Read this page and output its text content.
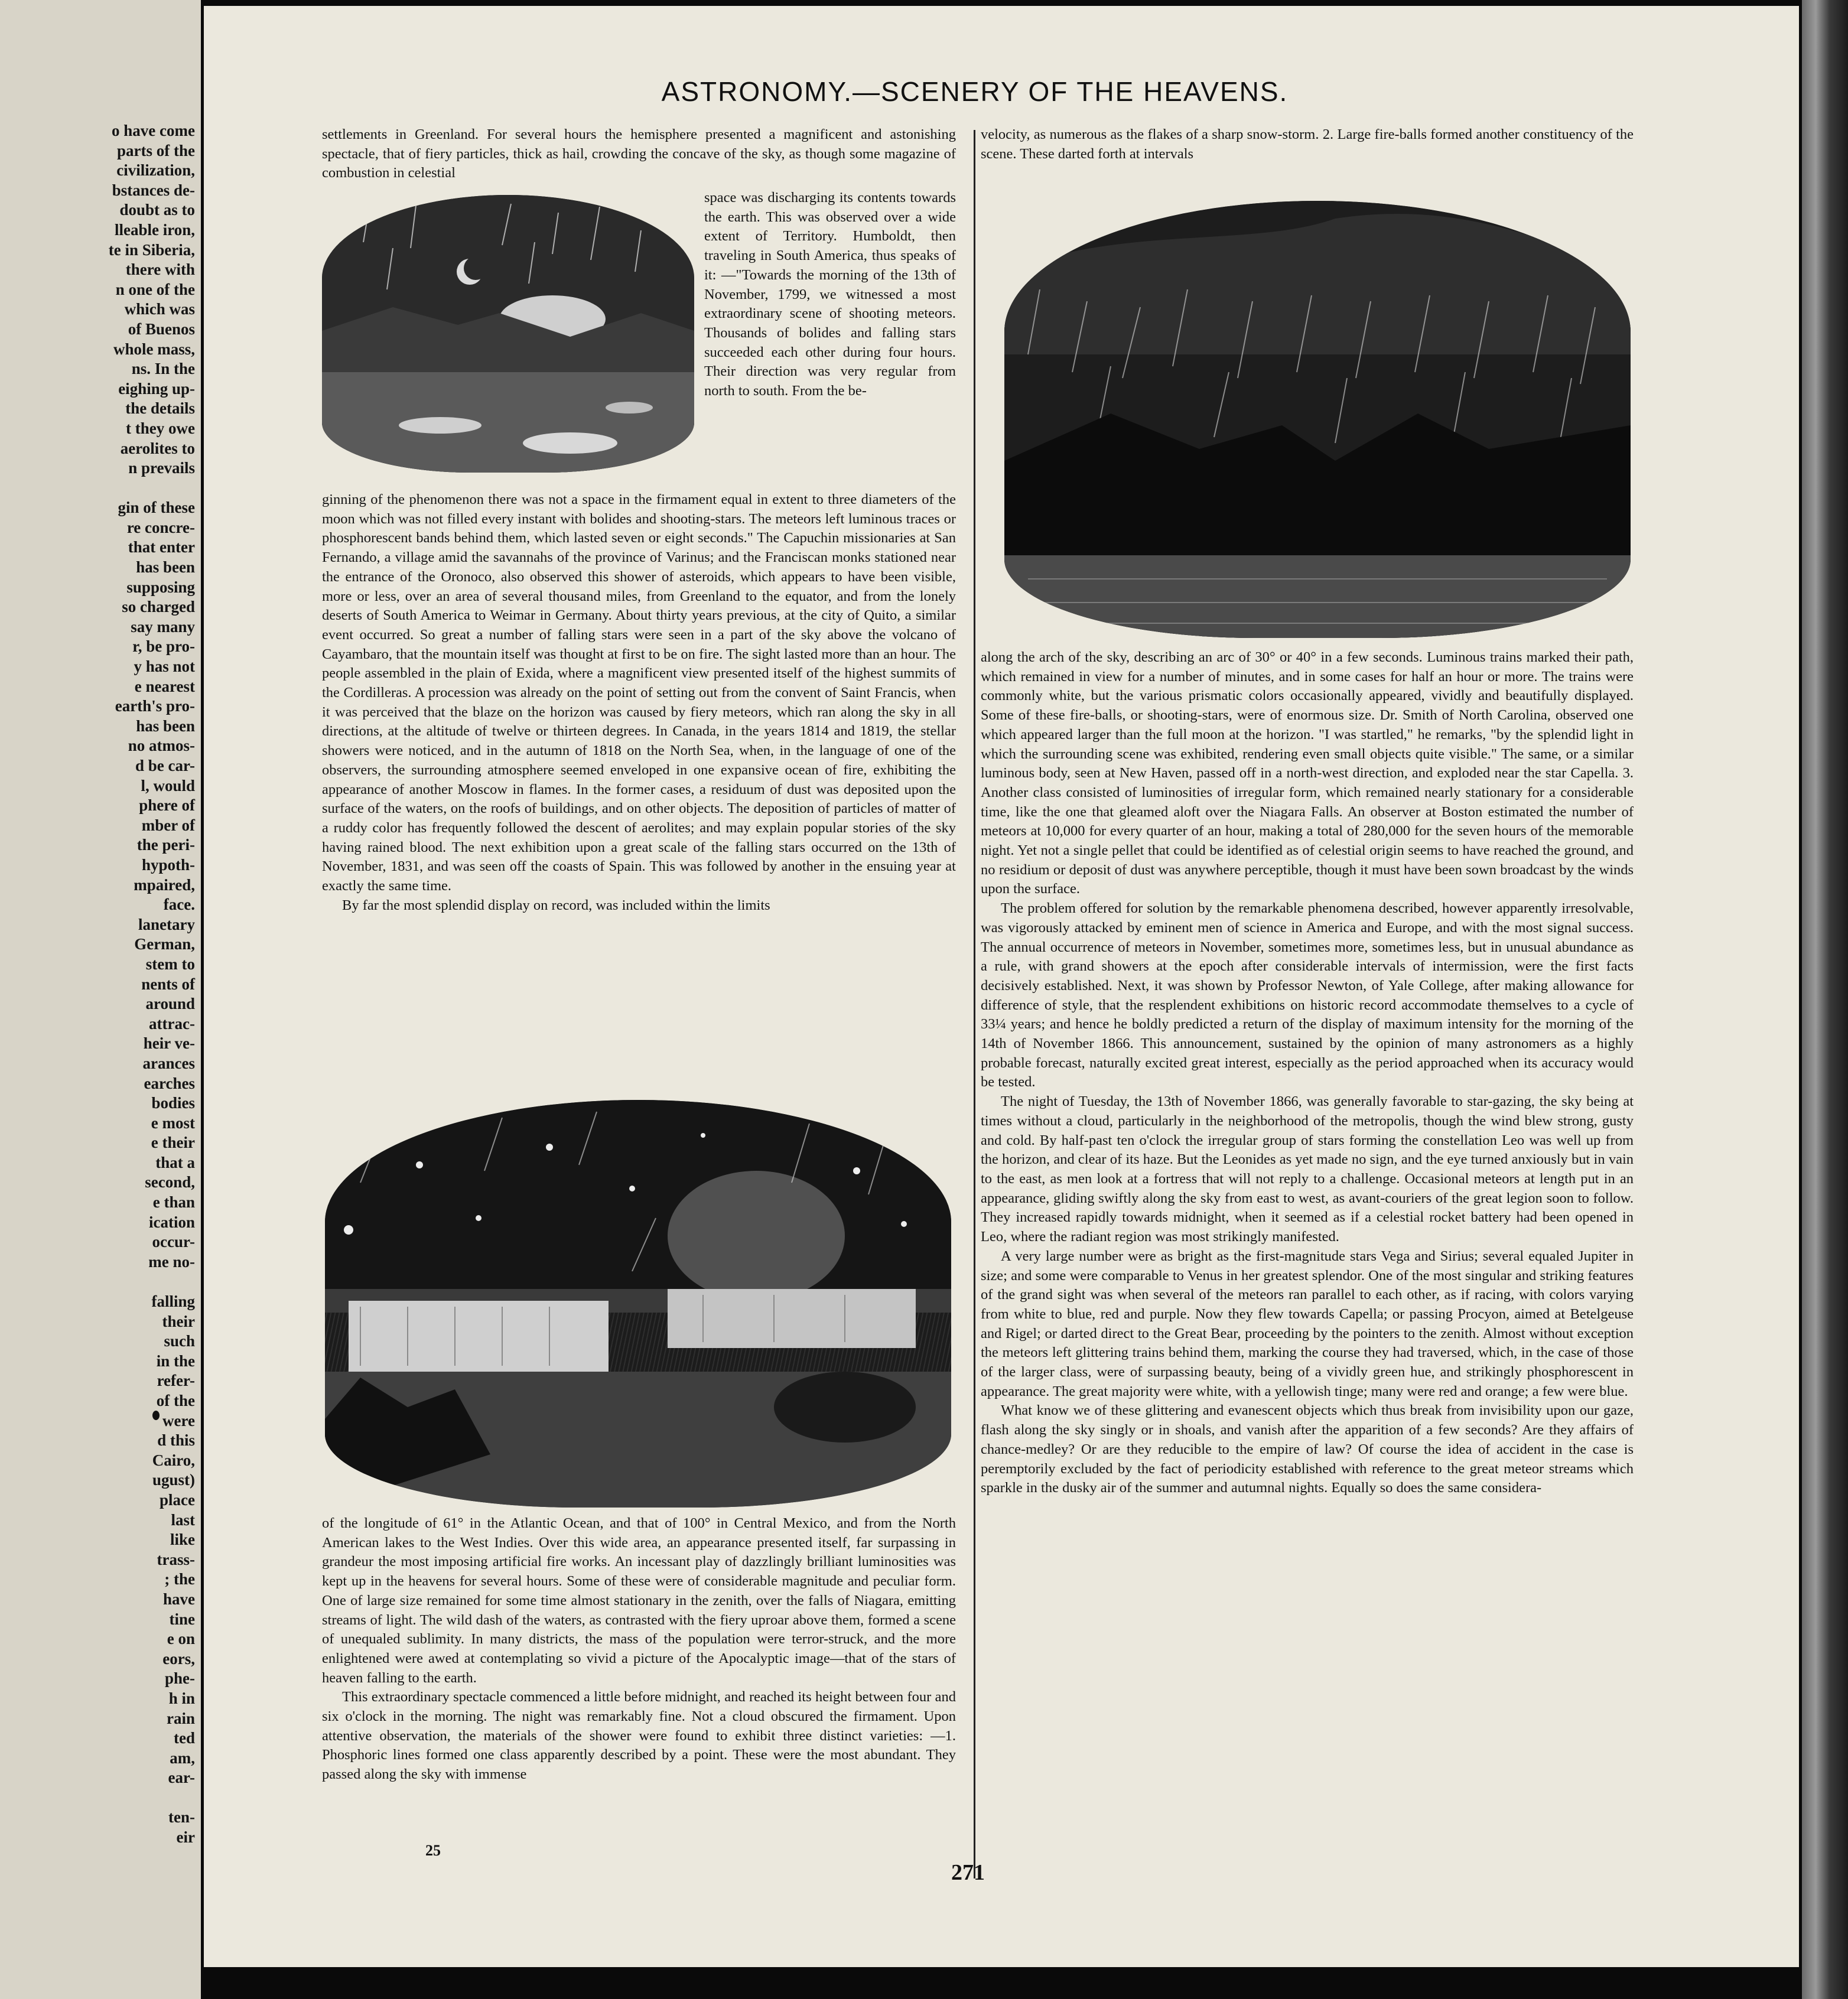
o have come
parts of the
civilization,
bstances de-
doubt as to
lleable iron,
te in Siberia,
there with
n one of the
which was
of Buenos
whole mass,
ns. In the
eighing up-
the details
t they owe
aerolites to
n prevails

gin of these
re concre-
that enter
has been
supposing
so charged
say many
r, be pro-
y has not
e nearest
earth's pro-
has been
no atmos-
d be car-
l, would
phere of
mber of
the peri-
hypoth-
mpaired,
face.
lanetary
German,
stem to
nents of
around
attrac-
heir ve-
arances
earches
bodies
e most
e their
that a
second,
e than
ication
occur-
me no-

falling
their
such
in the
refer-
of the
were
d this
Cairo,
ugust)
place
last
like
trass-
; the
have
tine
e on
eors,
phe-
h in
rain
ted
am,
ear-

ten-
eir
ASTRONOMY.—SCENERY OF THE HEAVENS.

settlements in Greenland. For several hours the hemisphere presented a magnificent and astonishing spectacle, that of fiery particles, thick as hail, crowding the concave of the sky, as though some magazine of combustion in celestial

space was discharging its contents towards the earth. This was observed over a wide extent of Territory. Humboldt, then traveling in South America, thus speaks of it: —"Towards the morning of the 13th of November, 1799, we witnessed a most extraordinary scene of shooting meteors. Thousands of bolides and falling stars succeeded each other during four hours. Their direction was very regular from north to south. From the be-

ginning of the phenomenon there was not a space in the firmament equal in extent to three diameters of the moon which was not filled every instant with bolides and shooting-stars. The meteors left luminous traces or phosphorescent bands behind them, which lasted seven or eight seconds." The Capuchin missionaries at San Fernando, a village amid the savannahs of the province of Varinus; and the Franciscan monks stationed near the entrance of the Oronoco, also observed this shower of asteroids, which appears to have been visible, more or less, over an area of several thousand miles, from Greenland to the equator, and from the lonely deserts of South America to Weimar in Germany. About thirty years previous, at the city of Quito, a similar event occurred. So great a number of falling stars were seen in a part of the sky above the volcano of Cayambaro, that the mountain itself was thought at first to be on fire. The sight lasted more than an hour. The people assembled in the plain of Exida, where a magnificent view presented itself of the highest summits of the Cordilleras. A procession was already on the point of setting out from the convent of Saint Francis, when it was perceived that the blaze on the horizon was caused by fiery meteors, which ran along the sky in all directions, at the altitude of twelve or thirteen degrees. In Canada, in the years 1814 and 1819, the stellar showers were noticed, and in the autumn of 1818 on the North Sea, when, in the language of one of the observers, the surrounding atmosphere seemed enveloped in one expansive ocean of fire, exhibiting the appearance of another Moscow in flames. In the former cases, a residuum of dust was deposited upon the surface of the waters, on the roofs of buildings, and on other objects. The deposition of particles of matter of a ruddy color has frequently followed the descent of aerolites; and may explain popular stories of the sky having rained blood. The next exhibition upon a great scale of the falling stars occurred on the 13th of November, 1831, and was seen off the coasts of Spain. This was followed by another in the ensuing year at exactly the same time.

By far the most splendid display on record, was included within the limits

of the longitude of 61° in the Atlantic Ocean, and that of 100° in Central Mexico, and from the North American lakes to the West Indies. Over this wide area, an appearance presented itself, far surpassing in grandeur the most imposing artificial fire works. An incessant play of dazzlingly brilliant luminosities was kept up in the heavens for several hours. Some of these were of considerable magnitude and peculiar form. One of large size remained for some time almost stationary in the zenith, over the falls of Niagara, emitting streams of light. The wild dash of the waters, as contrasted with the fiery uproar above them, formed a scene of unequaled sublimity. In many districts, the mass of the population were terror-struck, and the more enlightened were awed at contemplating so vivid a picture of the Apocalyptic image—that of the stars of heaven falling to the earth.

This extraordinary spectacle commenced a little before midnight, and reached its height between four and six o'clock in the morning. The night was remarkably fine. Not a cloud obscured the firmament. Upon attentive observation, the materials of the shower were found to exhibit three distinct varieties: —1. Phosphoric lines formed one class apparently described by a point. These were the most abundant. They passed along the sky with immense

velocity, as numerous as the flakes of a sharp snow-storm. 2. Large fire-balls formed another constituency of the scene. These darted forth at intervals

along the arch of the sky, describing an arc of 30° or 40° in a few seconds. Luminous trains marked their path, which remained in view for a number of minutes, and in some cases for half an hour or more. The trains were commonly white, but the various prismatic colors occasionally appeared, vividly and beautifully displayed. Some of these fire-balls, or shooting-stars, were of enormous size. Dr. Smith of North Carolina, observed one which appeared larger than the full moon at the horizon. "I was startled," he remarks, "by the splendid light in which the surrounding scene was exhibited, rendering even small objects quite visible." The same, or a similar luminous body, seen at New Haven, passed off in a north-west direction, and exploded near the star Capella. 3. Another class consisted of luminosities of irregular form, which remained nearly stationary for a considerable time, like the one that gleamed aloft over the Niagara Falls. An observer at Boston estimated the number of meteors at 10,000 for every quarter of an hour, making a total of 280,000 for the seven hours of the memorable night. Yet not a single pellet that could be identified as of celestial origin seems to have reached the ground, and no residium or deposit of dust was anywhere perceptible, though it must have been sown broadcast by the winds upon the surface.

The problem offered for solution by the remarkable phenomena described, however apparently irresolvable, was vigorously attacked by eminent men of science in America and Europe, and with the most signal success. The annual occurrence of meteors in November, sometimes more, sometimes less, but in unusual abundance as a rule, with grand showers at the epoch after considerable intervals of intermission, were the first facts decisively established. Next, it was shown by Professor Newton, of Yale College, after making allowance for difference of style, that the resplendent exhibitions on historic record accommodate themselves to a cycle of 33¼ years; and hence he boldly predicted a return of the display of maximum intensity for the morning of the 14th of November 1866. This announcement, sustained by the opinion of many astronomers as a highly probable forecast, naturally excited great interest, especially as the period approached when its accuracy would be tested.

The night of Tuesday, the 13th of November 1866, was generally favorable to star-gazing, the sky being at times without a cloud, particularly in the neighborhood of the metropolis, though the wind blew strong, gusty and cold. By half-past ten o'clock the irregular group of stars forming the constellation Leo was well up from the horizon, and clear of its haze. But the Leonides as yet made no sign, and the eye turned anxiously but in vain to the east, as men look at a fortress that will not reply to a challenge. Occasional meteors at length put in an appearance, gliding swiftly along the sky from east to west, as avant-couriers of the great legion soon to follow. They increased rapidly towards midnight, when it seemed as if a celestial rocket battery had been opened in Leo, where the radiant region was most strikingly manifested.

A very large number were as bright as the first-magnitude stars Vega and Sirius; several equaled Jupiter in size; and some were comparable to Venus in her greatest splendor. One of the most singular and striking features of the grand sight was when several of the meteors ran parallel to each other, as if racing, with colors varying from white to blue, red and purple. Now they flew towards Capella; or passing Procyon, aimed at Betelgeuse and Rigel; or darted direct to the Great Bear, proceeding by the pointers to the zenith. Almost without exception the meteors left glittering trains behind them, marking the course they had traversed, which, in the case of those of the larger class, were of surpassing beauty, being of a vividly green hue, and strikingly phosphorescent in appearance. The great majority were white, with a yellowish tinge; many were red and orange; a few were blue.

What know we of these glittering and evanescent objects which thus break from invisibility upon our gaze, flash along the sky singly or in shoals, and vanish after the apparition of a few seconds? Are they affairs of chance-medley? Or are they reducible to the empire of law? Of course the idea of accident in the case is peremptorily excluded by the fact of periodicity established with reference to the great meteor streams which sparkle in the dusky air of the summer and autumnal nights. Equally so does the same considera-

25
271
